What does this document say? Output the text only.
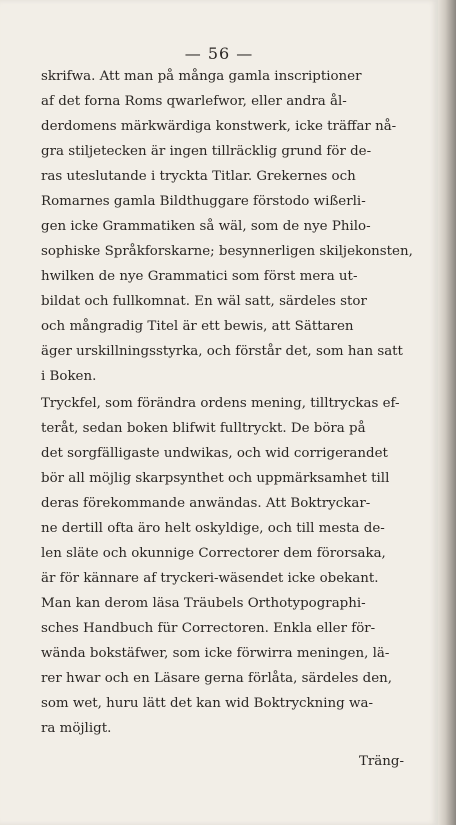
— 56 —
skrifwa. Att man på många gamla inscriptioner
af det forna Roms qwarlefwor, eller andra ål-
derdomens märkwärdiga konstwerk, icke träffar nå-
gra stiljetecken är ingen tillräcklig grund för de-
ras uteslutande i tryckta Titlar. Grekernes och
Romarnes gamla Bildthuggare förstodo wißerli-
gen icke Grammatiken så wäl, som de nye Philo-
sophiske Språkforskarne; besynnerligen skiljekonsten,
hwilken de nye Grammatici som först mera ut-
bildat och fullkomnat. En wäl satt, särdeles stor
och mångradig Titel är ett bewis, att Sättaren
äger urskillningsstyrka, och förstår det, som han satt
i Boken.
Tryckfel, som förändra ordens mening, tilltryckas ef-
teråt, sedan boken blifwit fulltryckt. De böra på
det sorgfälligaste undwikas, och wid corrigerandet
bör all möjlig skarpsynthet och uppmärksamhet till
deras förekommande anwändas. Att Boktryckar-
ne dertill ofta äro helt oskyldige, och till mesta de-
len släte och okunnige Correctorer dem förorsaka,
är för kännare af tryckeri-wäsendet icke obekant.
Man kan derom läsa Träubels Orthotypographi-
sches Handbuch für Correctoren. Enkla eller för-
wända bokstäfwer, som icke förwirra meningen, lä-
rer hwar och en Läsare gerna förlåta, särdeles den,
som wet, huru lätt det kan wid Boktryckning wa-
ra möjligt.
Träng-
